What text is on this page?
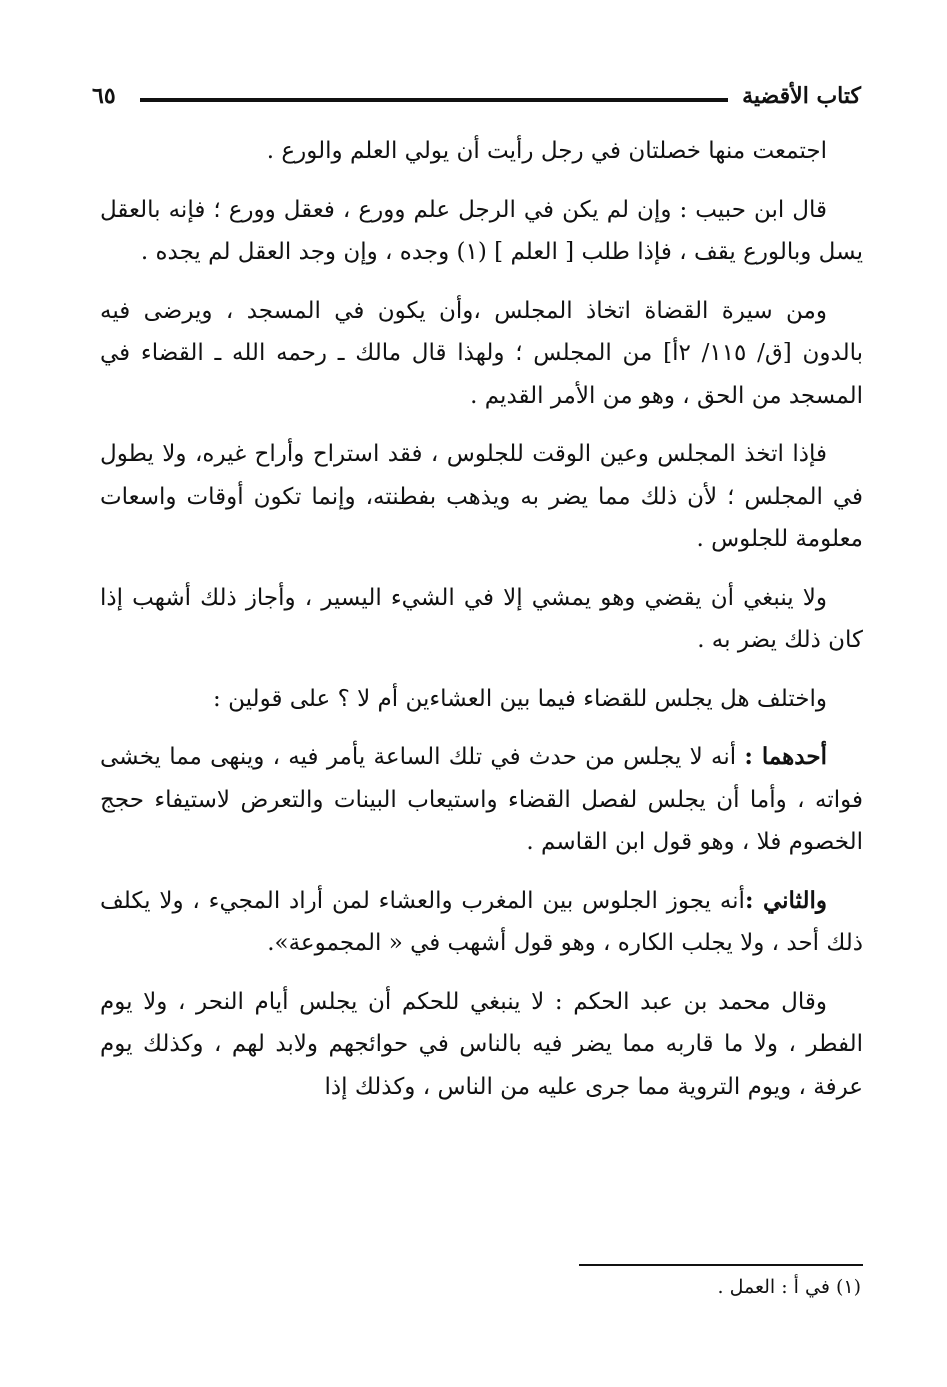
كتاب الأقضية
٦٥

اجتمعت منها خصلتان في رجل رأيت أن يولي العلم والورع .

قال ابن حبيب : وإن لم يكن في الرجل علم وورع ، فعقل وورع ؛ فإنه بالعقل يسل وبالورع يقف ، فإذا طلب [ العلم ] (١) وجده ، وإن وجد العقل لم يجده .

ومن سيرة القضاة اتخاذ المجلس ،وأن يكون في المسجد ، ويرضى فيه بالدون [ق/ ١١٥/ ٢أ] من المجلس ؛ ولهذا قال مالك ـ رحمه الله ـ القضاء في المسجد من الحق ، وهو من الأمر القديم .

فإذا اتخذ المجلس وعين الوقت للجلوس ، فقد استراح وأراح غيره، ولا يطول في المجلس ؛ لأن ذلك مما يضر به ويذهب بفطنته، وإنما تكون أوقات واسعات معلومة للجلوس .

ولا ينبغي أن يقضي وهو يمشي إلا في الشيء اليسير ، وأجاز ذلك أشهب إذا كان ذلك يضر به .

واختلف هل يجلس للقضاء فيما بين العشاءين أم لا ؟ على قولين :

أحدهما : أنه لا يجلس من حدث في تلك الساعة يأمر فيه ، وينهى مما يخشى فواته ، وأما أن يجلس لفصل القضاء واستيعاب البينات والتعرض لاستيفاء حجج الخصوم فلا ، وهو قول ابن القاسم .

والثاني :أنه يجوز الجلوس بين المغرب والعشاء لمن أراد المجيء ، ولا يكلف ذلك أحد ، ولا يجلب الكاره ، وهو قول أشهب في « المجموعة».

وقال محمد بن عبد الحكم : لا ينبغي للحكم أن يجلس أيام النحر ، ولا يوم الفطر ، ولا ما قاربه مما يضر فيه بالناس في حوائجهم ولابد لهم ، وكذلك يوم عرفة ، ويوم التروية مما جرى عليه من الناس ، وكذلك إذا

(١) في أ : العمل .
